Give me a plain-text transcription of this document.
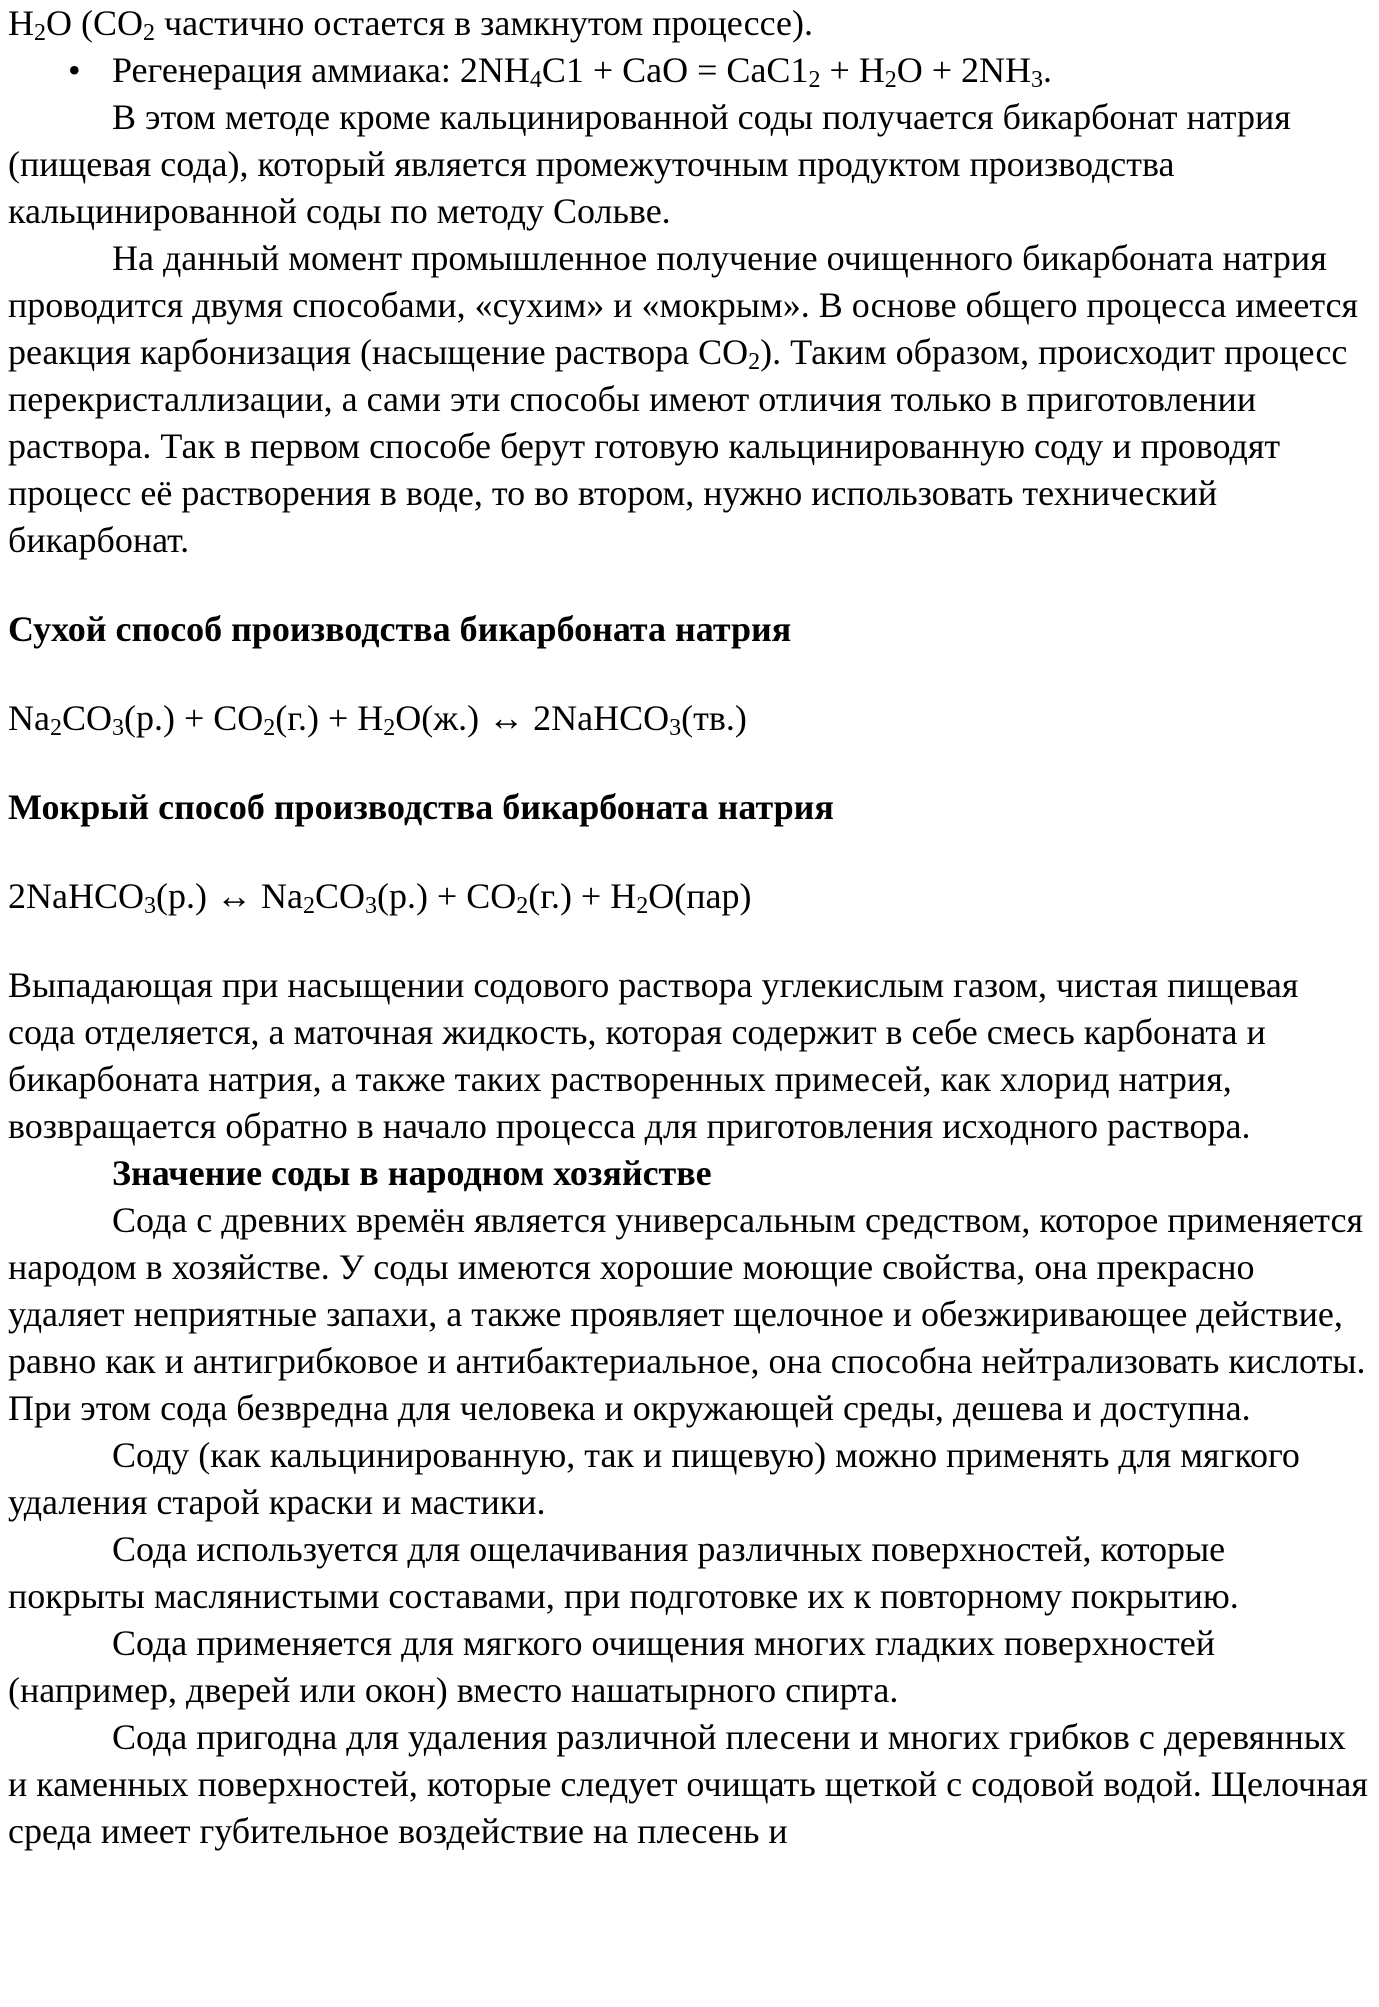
$H_2O$ ($CO_2$ частично остается в замкнутом процессе).

• Регенерация аммиака: $2NH_4C1$ + CaO = $CaC1_2 + H_2O + 2NH_3$.

В этом методе кроме кальцинированной соды получается бикарбонат натрия (пищевая сода), который является промежуточным продуктом производства кальцинированной соды по методу Сольве.

На данный момент промышленное получение очищенного бикарбоната натрия проводится двумя способами, «сухим» и «мокрым». В основе общего процесса имеется реакция карбонизация (насыщение раствора $CO_2$). Таким образом, происходит процесс перекристаллизации, а сами эти способы имеют отличия только в приготовлении раствора. Так в первом способе берут готовую кальцинированную соду и проводят процесс её растворения в воде, то во втором, нужно использовать технический бикарбонат.

Сухой способ производства бикарбоната натрия

$Na_2CO_3(р.) + CO_2(г.) + H_2O(ж.)$ ↔ 2NaHCO$_3$(тв.)

Мокрый способ производства бикарбоната натрия

2NaHCO$_3$(р.) ↔ $Na_2CO_3(р.) + CO_2(г.) + H_2O(пар)$

Выпадающая при насыщении содового раствора углекислым газом, чистая пищевая сода отделяется, а маточная жидкость, которая содержит в себе смесь карбоната и бикарбоната натрия, а также таких растворенных примесей, как хлорид натрия, возвращается обратно в начало процесса для приготовления исходного раствора.

Значение соды в народном хозяйстве

Сода с древних времён является универсальным средством, которое применяется народом в хозяйстве. У соды имеются хорошие моющие свойства, она прекрасно удаляет неприятные запахи, а также проявляет щелочное и обезжиривающее действие, равно как и антигрибковое и антибактериальное, она способна нейтрализовать кислоты. При этом сода безвредна для человека и окружающей среды, дешева и доступна.

Соду (как кальцинированную, так и пищевую) можно применять для мягкого удаления старой краски и мастики.

Сода используется для ощелачивания различных поверхностей, которые покрыты маслянистыми составами, при подготовке их к повторному покрытию.

Сода применяется для мягкого очищения многих гладких поверхностей (например, дверей или окон) вместо нашатырного спирта.

Сода пригодна для удаления различной плесени и многих грибков с деревянных и каменных поверхностей, которые следует очищать щеткой с содовой водой. Щелочная среда имеет губительное воздействие на плесень и
